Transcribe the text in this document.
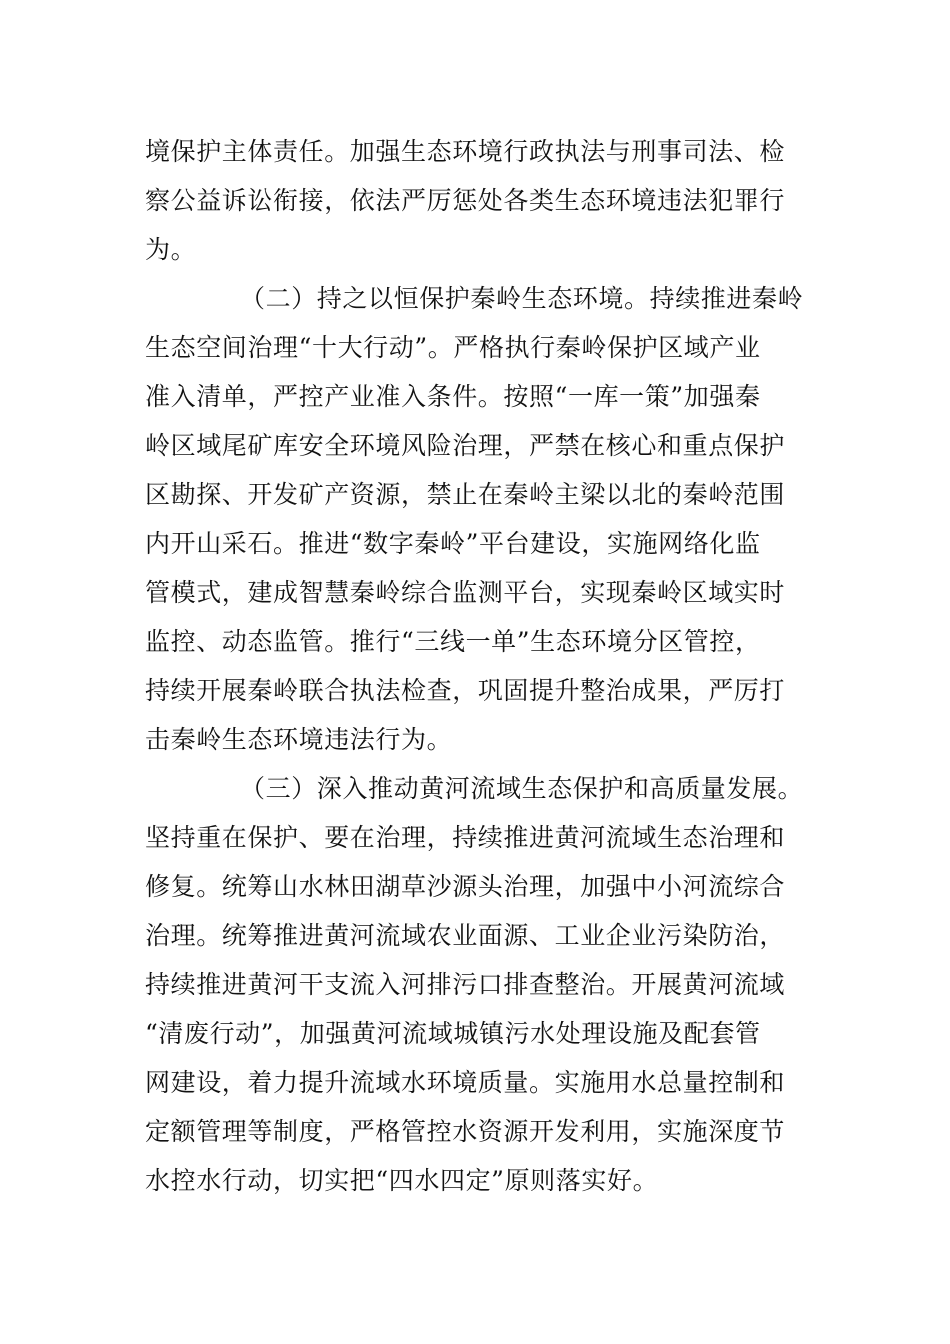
境保护主体责任。加强生态环境行政执法与刑事司法、检
察公益诉讼衔接，依法严厉惩处各类生态环境违法犯罪行
为。
（二）持之以恒保护秦岭生态环境。持续推进秦岭
生态空间治理“十大行动”。严格执行秦岭保护区域产业
准入清单，严控产业准入条件。按照“一库一策”加强秦
岭区域尾矿库安全环境风险治理，严禁在核心和重点保护
区勘探、开发矿产资源，禁止在秦岭主梁以北的秦岭范围
内开山采石。推进“数字秦岭”平台建设，实施网络化监
管模式，建成智慧秦岭综合监测平台，实现秦岭区域实时
监控、动态监管。推行“三线一单”生态环境分区管控，
持续开展秦岭联合执法检查，巩固提升整治成果，严厉打
击秦岭生态环境违法行为。
（三）深入推动黄河流域生态保护和高质量发展。
坚持重在保护、要在治理，持续推进黄河流域生态治理和
修复。统筹山水林田湖草沙源头治理，加强中小河流综合
治理。统筹推进黄河流域农业面源、工业企业污染防治，
持续推进黄河干支流入河排污口排查整治。开展黄河流域
“清废行动”，加强黄河流域城镇污水处理设施及配套管
网建设，着力提升流域水环境质量。实施用水总量控制和
定额管理等制度，严格管控水资源开发利用，实施深度节
水控水行动，切实把“四水四定”原则落实好。
